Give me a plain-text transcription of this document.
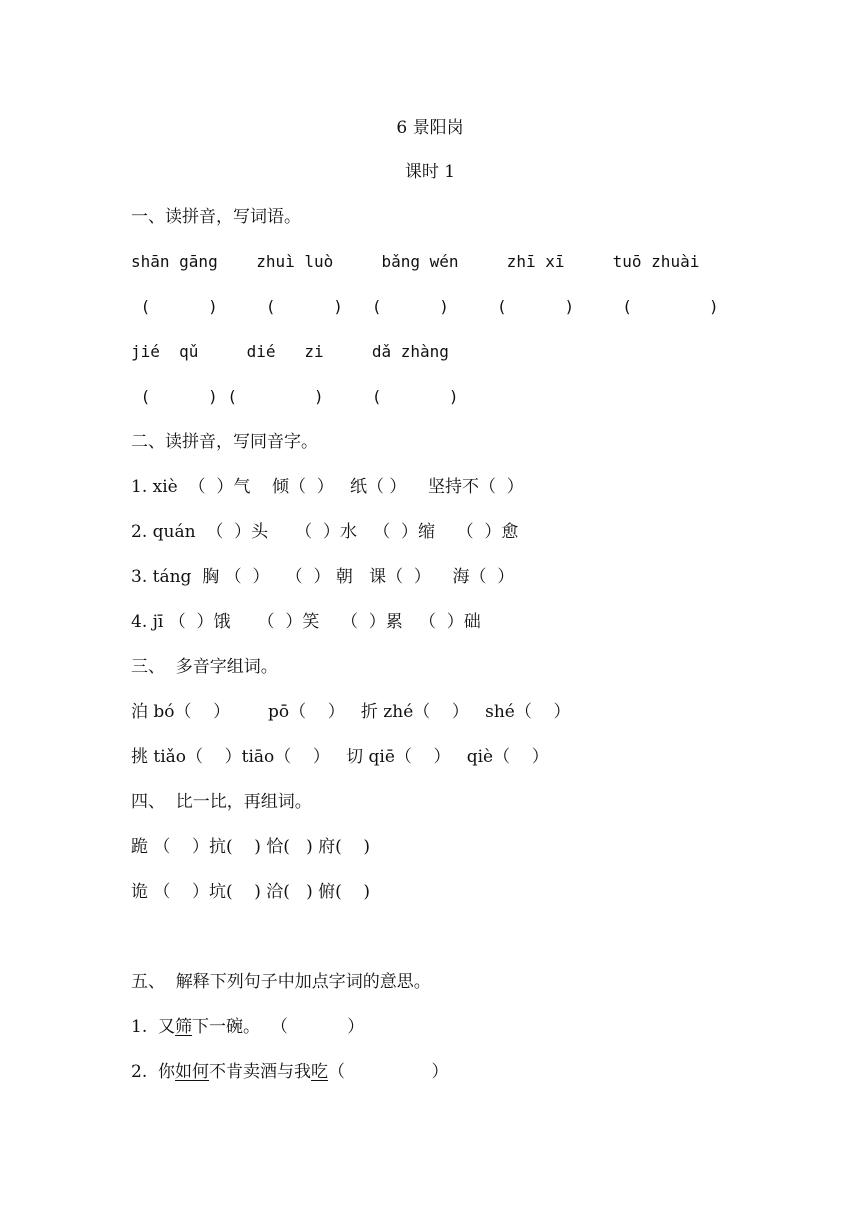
6 景阳岗
课时 1
一、读拼音，写词语。
shān gāng    zhuì luò     bǎng wén     zhī xī     tuō zhuài
(      )     (      )   (      )     (      )     (        )
jié  qǔ     dié   zi     dǎ zhàng
(      ) (        )     (       )
二、读拼音，写同音字。
1. xiè  （  ）气    倾（  ）   纸（ ）    坚持不（  ）
2. quán  （  ）头     （  ）水   （  ）缩    （  ）愈
3. táng  胸 （  ）   （  ） 朝   课（  ）    海（  ）
4. jī （  ）饿     （  ）笑    （  ）累   （  ）础
三、  多音字组词。
泊 bó（    ）       pō（    ）   折 zhé（    ）   shé（    ）
挑 tiǎo（    ）tiāo（    ）   切 qiē（    ）   qiè（    ）
四、  比一比，再组词。
跪 （    ）抗(    ) 恰(   ) 府(    )
诡 （    ）坑(    ) 洽(   ) 俯(    )
五、  解释下列句子中加点字词的意思。
1.  又筛下一碗。  （           ）
2.  你如何不肯卖酒与我吃（                ）
